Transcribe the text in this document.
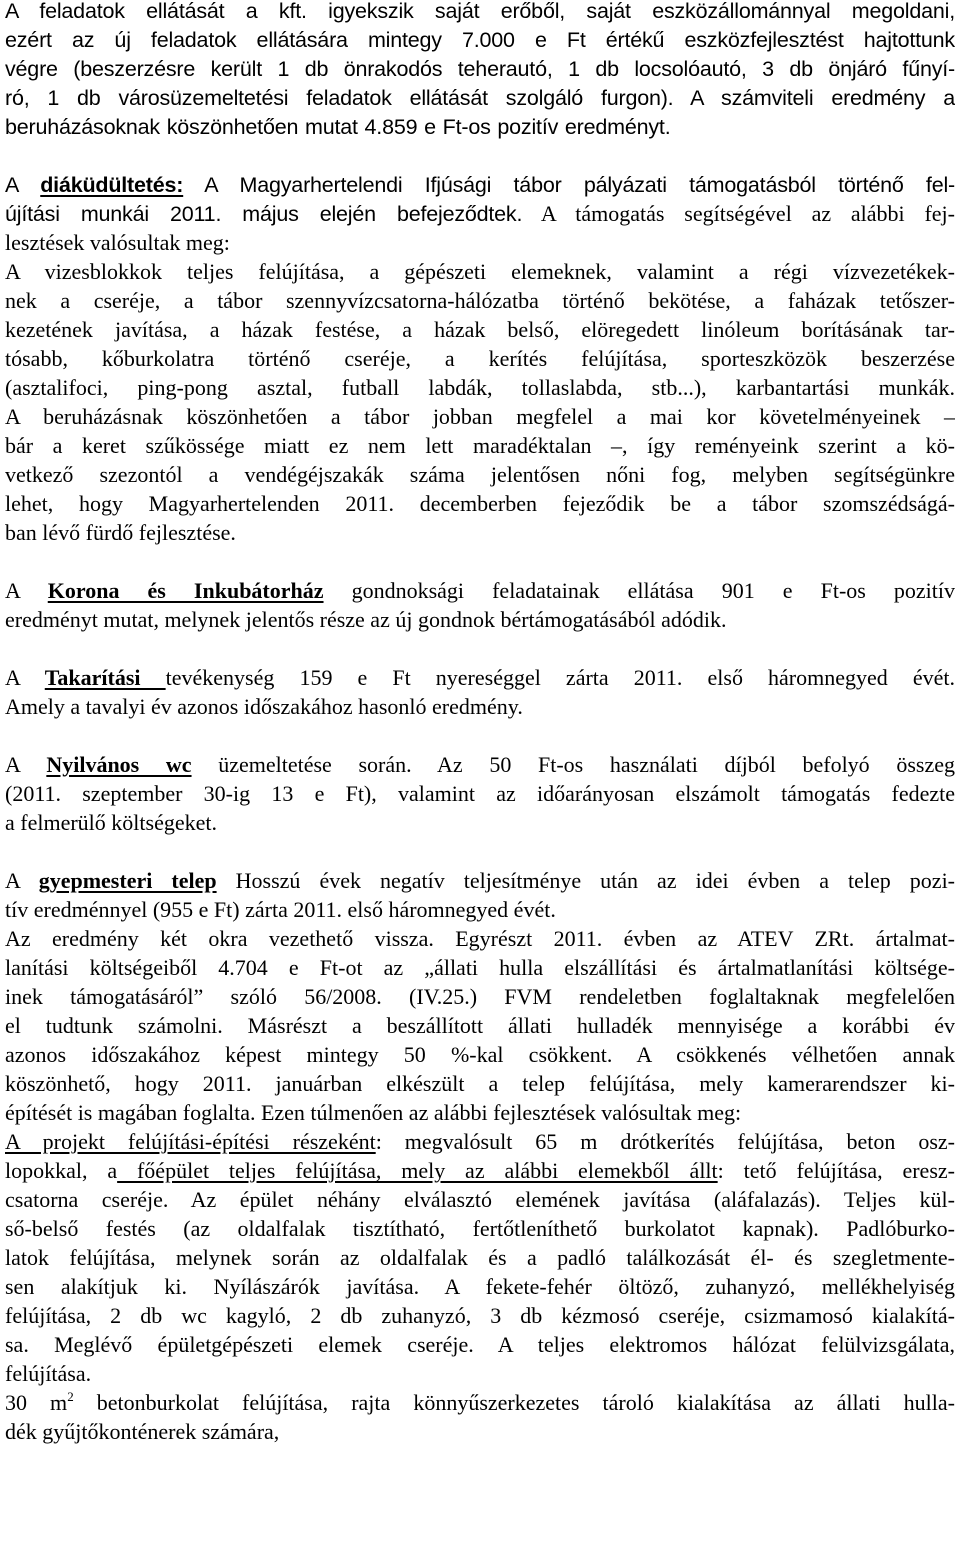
A feladatok ellátását a kft. igyekszik saját erőből, saját eszközállománnyal megoldani,
ezért az új feladatok ellátására mintegy 7.000 e Ft értékű eszközfejlesztést hajtottunk
végre (beszerzésre került 1 db önrakodós teherautó, 1 db locsolóautó, 3 db önjáró fűnyí-
ró, 1 db városüzemeltetési feladatok ellátását szolgáló furgon). A számviteli eredmény a
beruházásoknak köszönhetően mutat 4.859 e Ft-os pozitív eredményt.
A diáküdültetés: A Magyarhertelendi Ifjúsági tábor pályázati támogatásból történő fel-
újítási munkái 2011. május elején befejeződtek. A támogatás segítségével az alábbi fej-
lesztések valósultak meg:
A vizesblokkok teljes felújítása, a gépészeti elemeknek, valamint a régi vízvezetékek-
nek a cseréje, a tábor szennyvízcsatorna-hálózatba történő bekötése, a faházak tetőszer-
kezetének javítása, a házak festése, a házak belső, elöregedett linóleum borításának tar-
tósabb, kőburkolatra történő cseréje, a kerítés felújítása, sporteszközök beszerzése
(asztalifoci, ping-pong asztal, futball labdák, tollaslabda, stb...), karbantartási munkák.
A beruházásnak köszönhetően a tábor jobban megfelel a mai kor követelményeinek –
bár a keret szűkössége miatt ez nem lett maradéktalan –, így reményeink szerint a kö-
vetkező szezontól a vendégéjszakák száma jelentősen nőni fog, melyben segítségünkre
lehet, hogy Magyarhertelenden 2011. decemberben fejeződik be a tábor szomszédságá-
ban lévő fürdő fejlesztése.
A Korona és Inkubátorház gondnoksági feladatainak ellátása 901 e Ft-os pozitív
eredményt mutat, melynek jelentős része az új gondnok bértámogatásából adódik.
A Takarítási tevékenység 159 e Ft nyereséggel zárta 2011. első háromnegyed évét.
Amely a tavalyi év azonos időszakához hasonló eredmény.
A Nyilvános wc üzemeltetése során. Az 50 Ft-os használati díjból befolyó összeg
(2011. szeptember 30-ig 13 e Ft), valamint az időarányosan elszámolt támogatás fedezte
a felmerülő költségeket.
A gyepmesteri telep Hosszú évek negatív teljesítménye után az idei évben a telep pozi-
tív eredménnyel (955 e Ft) zárta 2011. első háromnegyed évét.
Az eredmény két okra vezethető vissza. Egyrészt 2011. évben az ATEV ZRt. ártalmat-
lanítási költségeiből 4.704 e Ft-ot az „állati hulla elszállítási és ártalmatlanítási költsége-
inek támogatásáról” szóló 56/2008. (IV.25.) FVM rendeletben foglaltaknak megfelelően
el tudtunk számolni. Másrészt a beszállított állati hulladék mennyisége a korábbi év
azonos időszakához képest mintegy 50 %-kal csökkent. A csökkenés vélhetően annak
köszönhető, hogy 2011. januárban elkészült a telep felújítása, mely kamerarendszer ki-
építését is magában foglalta. Ezen túlmenően az alábbi fejlesztések valósultak meg:
A projekt felújítási-építési részeként: megvalósult 65 m drótkerítés felújítása, beton osz-
lopokkal, a főépület teljes felújítása, mely az alábbi elemekből állt: tető felújítása, eresz-
csatorna cseréje. Az épület néhány elválasztó elemének javítása (aláfalazás). Teljes kül-
ső-belső festés (az oldalfalak tisztítható, fertőtleníthető burkolatot kapnak). Padlóburko-
latok felújítása, melynek során az oldalfalak és a padló találkozását él- és szegletmente-
sen alakítjuk ki. Nyílászárók javítása. A fekete-fehér öltöző, zuhanyzó, mellékhelyiség
felújítása, 2 db wc kagyló, 2 db zuhanyzó, 3 db kézmosó cseréje, csizmamosó kialakítá-
sa. Meglévő épületgépészeti elemek cseréje. A teljes elektromos hálózat felülvizsgálata,
felújítása.
30 $m^2$ betonburkolat felújítása, rajta könnyűszerkezetes tároló kialakítása az állati hulla-
dék gyűjtőkonténerek számára,
